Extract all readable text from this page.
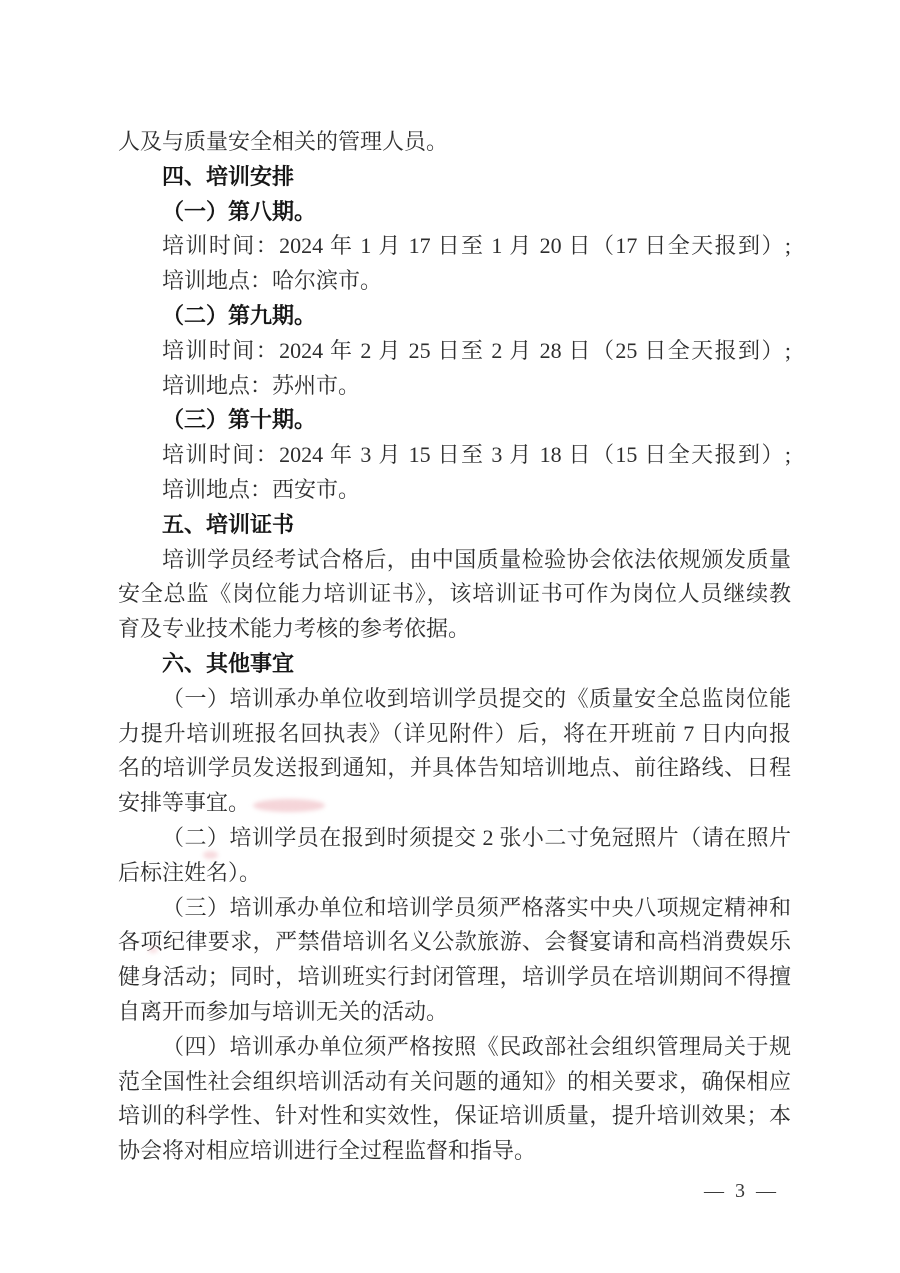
人及与质量安全相关的管理人员。
四、培训安排
（一）第八期。
培训时间：2024 年 1 月 17 日至 1 月 20 日（17 日全天报到）;
培训地点：哈尔滨市。
（二）第九期。
培训时间：2024 年 2 月 25 日至 2 月 28 日（25 日全天报到）;
培训地点：苏州市。
（三）第十期。
培训时间：2024 年 3 月 15 日至 3 月 18 日（15 日全天报到）;
培训地点：西安市。
五、培训证书
培训学员经考试合格后，由中国质量检验协会依法依规颁发质量
安全总监《岗位能力培训证书》，该培训证书可作为岗位人员继续教
育及专业技术能力考核的参考依据。
六、其他事宜
（一）培训承办单位收到培训学员提交的《质量安全总监岗位能
力提升培训班报名回执表》（详见附件）后，将在开班前 7 日内向报
名的培训学员发送报到通知，并具体告知培训地点、前往路线、日程
安排等事宜。
（二）培训学员在报到时须提交 2 张小二寸免冠照片（请在照片
后标注姓名）。
（三）培训承办单位和培训学员须严格落实中央八项规定精神和
各项纪律要求，严禁借培训名义公款旅游、会餐宴请和高档消费娱乐
健身活动；同时，培训班实行封闭管理，培训学员在培训期间不得擅
自离开而参加与培训无关的活动。
（四）培训承办单位须严格按照《民政部社会组织管理局关于规
范全国性社会组织培训活动有关问题的通知》的相关要求，确保相应
培训的科学性、针对性和实效性，保证培训质量，提升培训效果；本
协会将对相应培训进行全过程监督和指导。
— 3 —
